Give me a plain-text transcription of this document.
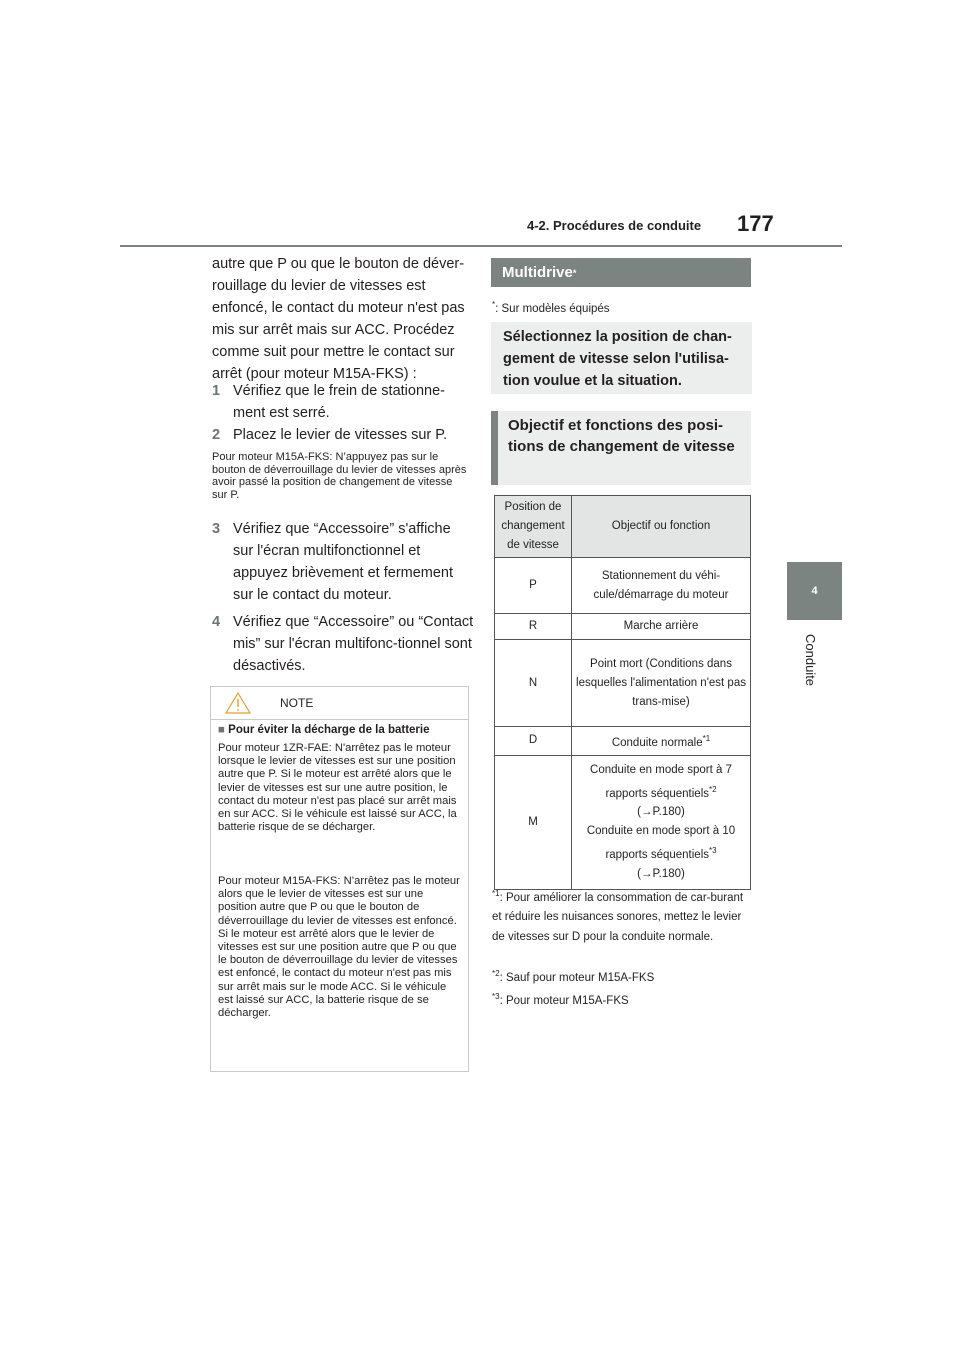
4-2. Procédures de conduite 177
4
Conduite
autre que P ou que le bouton de déver-rouillage du levier de vitesses est enfoncé, le contact du moteur n'est pas mis sur arrêt mais sur ACC. Procédez comme suit pour mettre le contact sur arrêt (pour moteur M15A-FKS) :
1 Vérifiez que le frein de stationne-ment est serré.
2 Placez le levier de vitesses sur P.
Pour moteur M15A-FKS: N’appuyez pas sur le bouton de déverrouillage du levier de vitesses après avoir passé la position de changement de vitesse sur P.
3 Vérifiez que “Accessoire” s'affiche sur l'écran multifonctionnel et appuyez brièvement et fermement sur le contact du moteur.
4 Vérifiez que “Accessoire” ou “Contact mis” sur l'écran multifonc-tionnel sont désactivés.
NOTE
■ Pour éviter la décharge de la batterie
Pour moteur 1ZR-FAE: N'arrêtez pas le moteur lorsque le levier de vitesses est sur une position autre que P. Si le moteur est arrêté alors que le levier de vitesses est sur une autre position, le contact du moteur n'est pas placé sur arrêt mais en sur ACC. Si le véhicule est laissé sur ACC, la batterie risque de se décharger.
Pour moteur M15A-FKS: N’arrêtez pas le moteur alors que le levier de vitesses est sur une position autre que P ou que le bouton de déverrouillage du levier de vitesses est enfoncé. Si le moteur est arrêté alors que le levier de vitesses est sur une position autre que P ou que le bouton de déverrouillage du levier de vitesses est enfoncé, le contact du moteur n'est pas mis sur arrêt mais sur le mode ACC. Si le véhicule est laissé sur ACC, la batterie risque de se décharger.
Multidrive *
*: Sur modèles équipés
Sélectionnez la position de chan-gement de vitesse selon l'utilisa-tion voulue et la situation.
Objectif et fonctions des posi-tions de changement de vitesse
Position de changement de vitesse	Objectif ou fonction
P	Stationnement du véhi-cule/démarrage du moteur
R	Marche arrière
N	Point mort (Conditions dans lesquelles l'alimentation n'est pas trans-mise)
D	Conduite normale$^{*1}$
M	Conduite en mode sport à 7 rapports séquentiels$^{*2}$
(→P.180)
Conduite en mode sport à 10 rapports séquentiels$^{*3}$
(→P.180)
$^{*1}$: Pour améliorer la consommation de car-burant et réduire les nuisances sonores, mettez le levier de vitesses sur D pour la conduite normale.
$^{*2}$: Sauf pour moteur M15A-FKS
$^{*3}$: Pour moteur M15A-FKS
